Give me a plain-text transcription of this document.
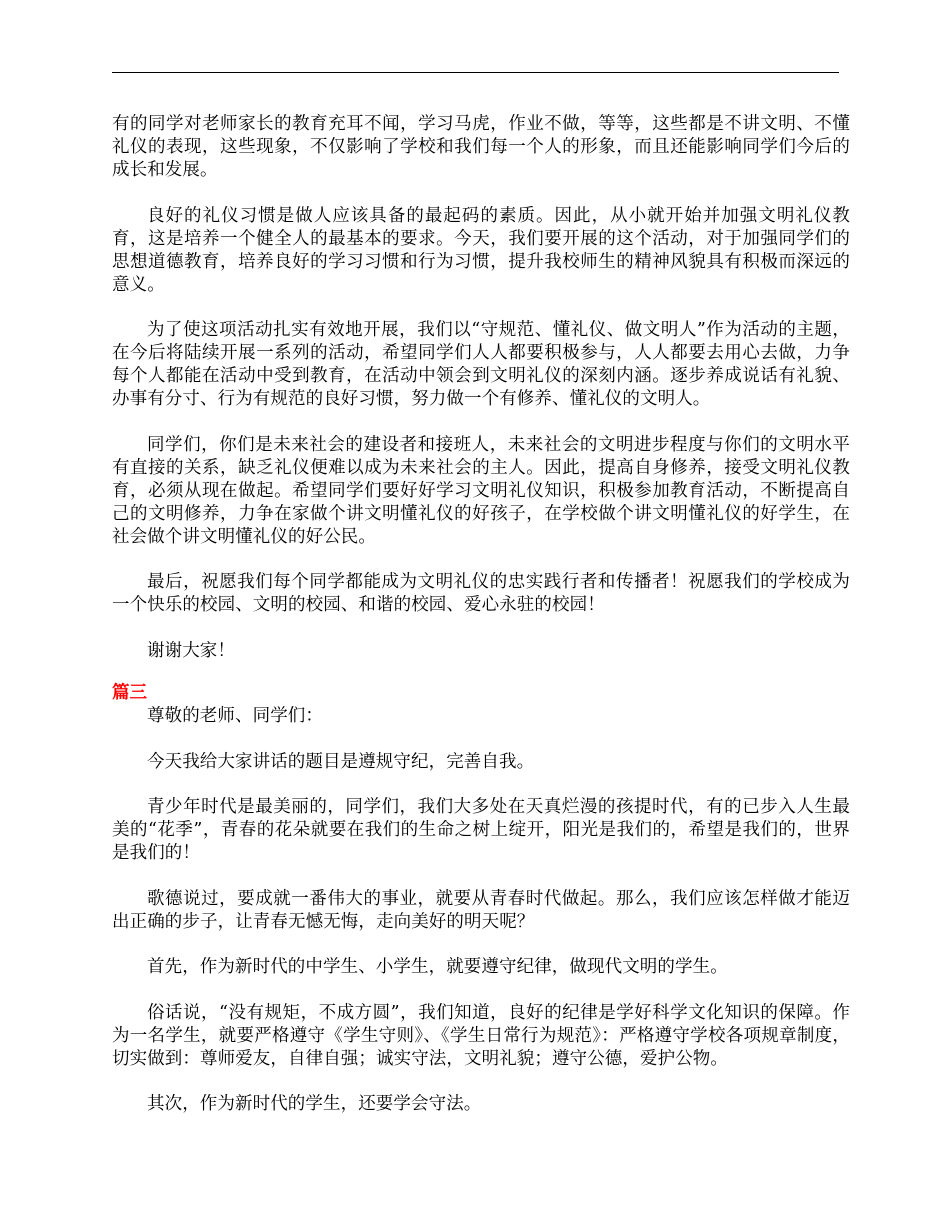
有的同学对老师家长的教育充耳不闻，学习马虎，作业不做，等等，这些都是不讲文明、不懂礼仪的表现，这些现象，不仅影响了学校和我们每一个人的形象，而且还能影响同学们今后的成长和发展。

良好的礼仪习惯是做人应该具备的最起码的素质。因此，从小就开始并加强文明礼仪教育，这是培养一个健全人的最基本的要求。今天，我们要开展的这个活动，对于加强同学们的思想道德教育，培养良好的学习习惯和行为习惯，提升我校师生的精神风貌具有积极而深远的意义。

为了使这项活动扎实有效地开展，我们以“守规范、懂礼仪、做文明人”作为活动的主题，在今后将陆续开展一系列的活动，希望同学们人人都要积极参与，人人都要去用心去做，力争每个人都能在活动中受到教育，在活动中领会到文明礼仪的深刻内涵。逐步养成说话有礼貌、办事有分寸、行为有规范的良好习惯，努力做一个有修养、懂礼仪的文明人。

同学们，你们是未来社会的建设者和接班人，未来社会的文明进步程度与你们的文明水平有直接的关系，缺乏礼仪便难以成为未来社会的主人。因此，提高自身修养，接受文明礼仪教育，必须从现在做起。希望同学们要好好学习文明礼仪知识，积极参加教育活动，不断提高自己的文明修养，力争在家做个讲文明懂礼仪的好孩子，在学校做个讲文明懂礼仪的好学生，在社会做个讲文明懂礼仪的好公民。

最后，祝愿我们每个同学都能成为文明礼仪的忠实践行者和传播者！祝愿我们的学校成为一个快乐的校园、文明的校园、和谐的校园、爱心永驻的校园！

谢谢大家！

篇三

尊敬的老师、同学们：

今天我给大家讲话的题目是遵规守纪，完善自我。

青少年时代是最美丽的，同学们，我们大多处在天真烂漫的孩提时代，有的已步入人生最美的“花季”，青春的花朵就要在我们的生命之树上绽开，阳光是我们的，希望是我们的，世界是我们的！

歌德说过，要成就一番伟大的事业，就要从青春时代做起。那么，我们应该怎样做才能迈出正确的步子，让青春无憾无悔，走向美好的明天呢？

首先，作为新时代的中学生、小学生，就要遵守纪律，做现代文明的学生。

俗话说，“没有规矩，不成方圆”，我们知道，良好的纪律是学好科学文化知识的保障。作为一名学生，就要严格遵守《学生守则》、《学生日常行为规范》：严格遵守学校各项规章制度，切实做到：尊师爱友，自律自强；诚实守法，文明礼貌；遵守公德，爱护公物。

其次，作为新时代的学生，还要学会守法。
